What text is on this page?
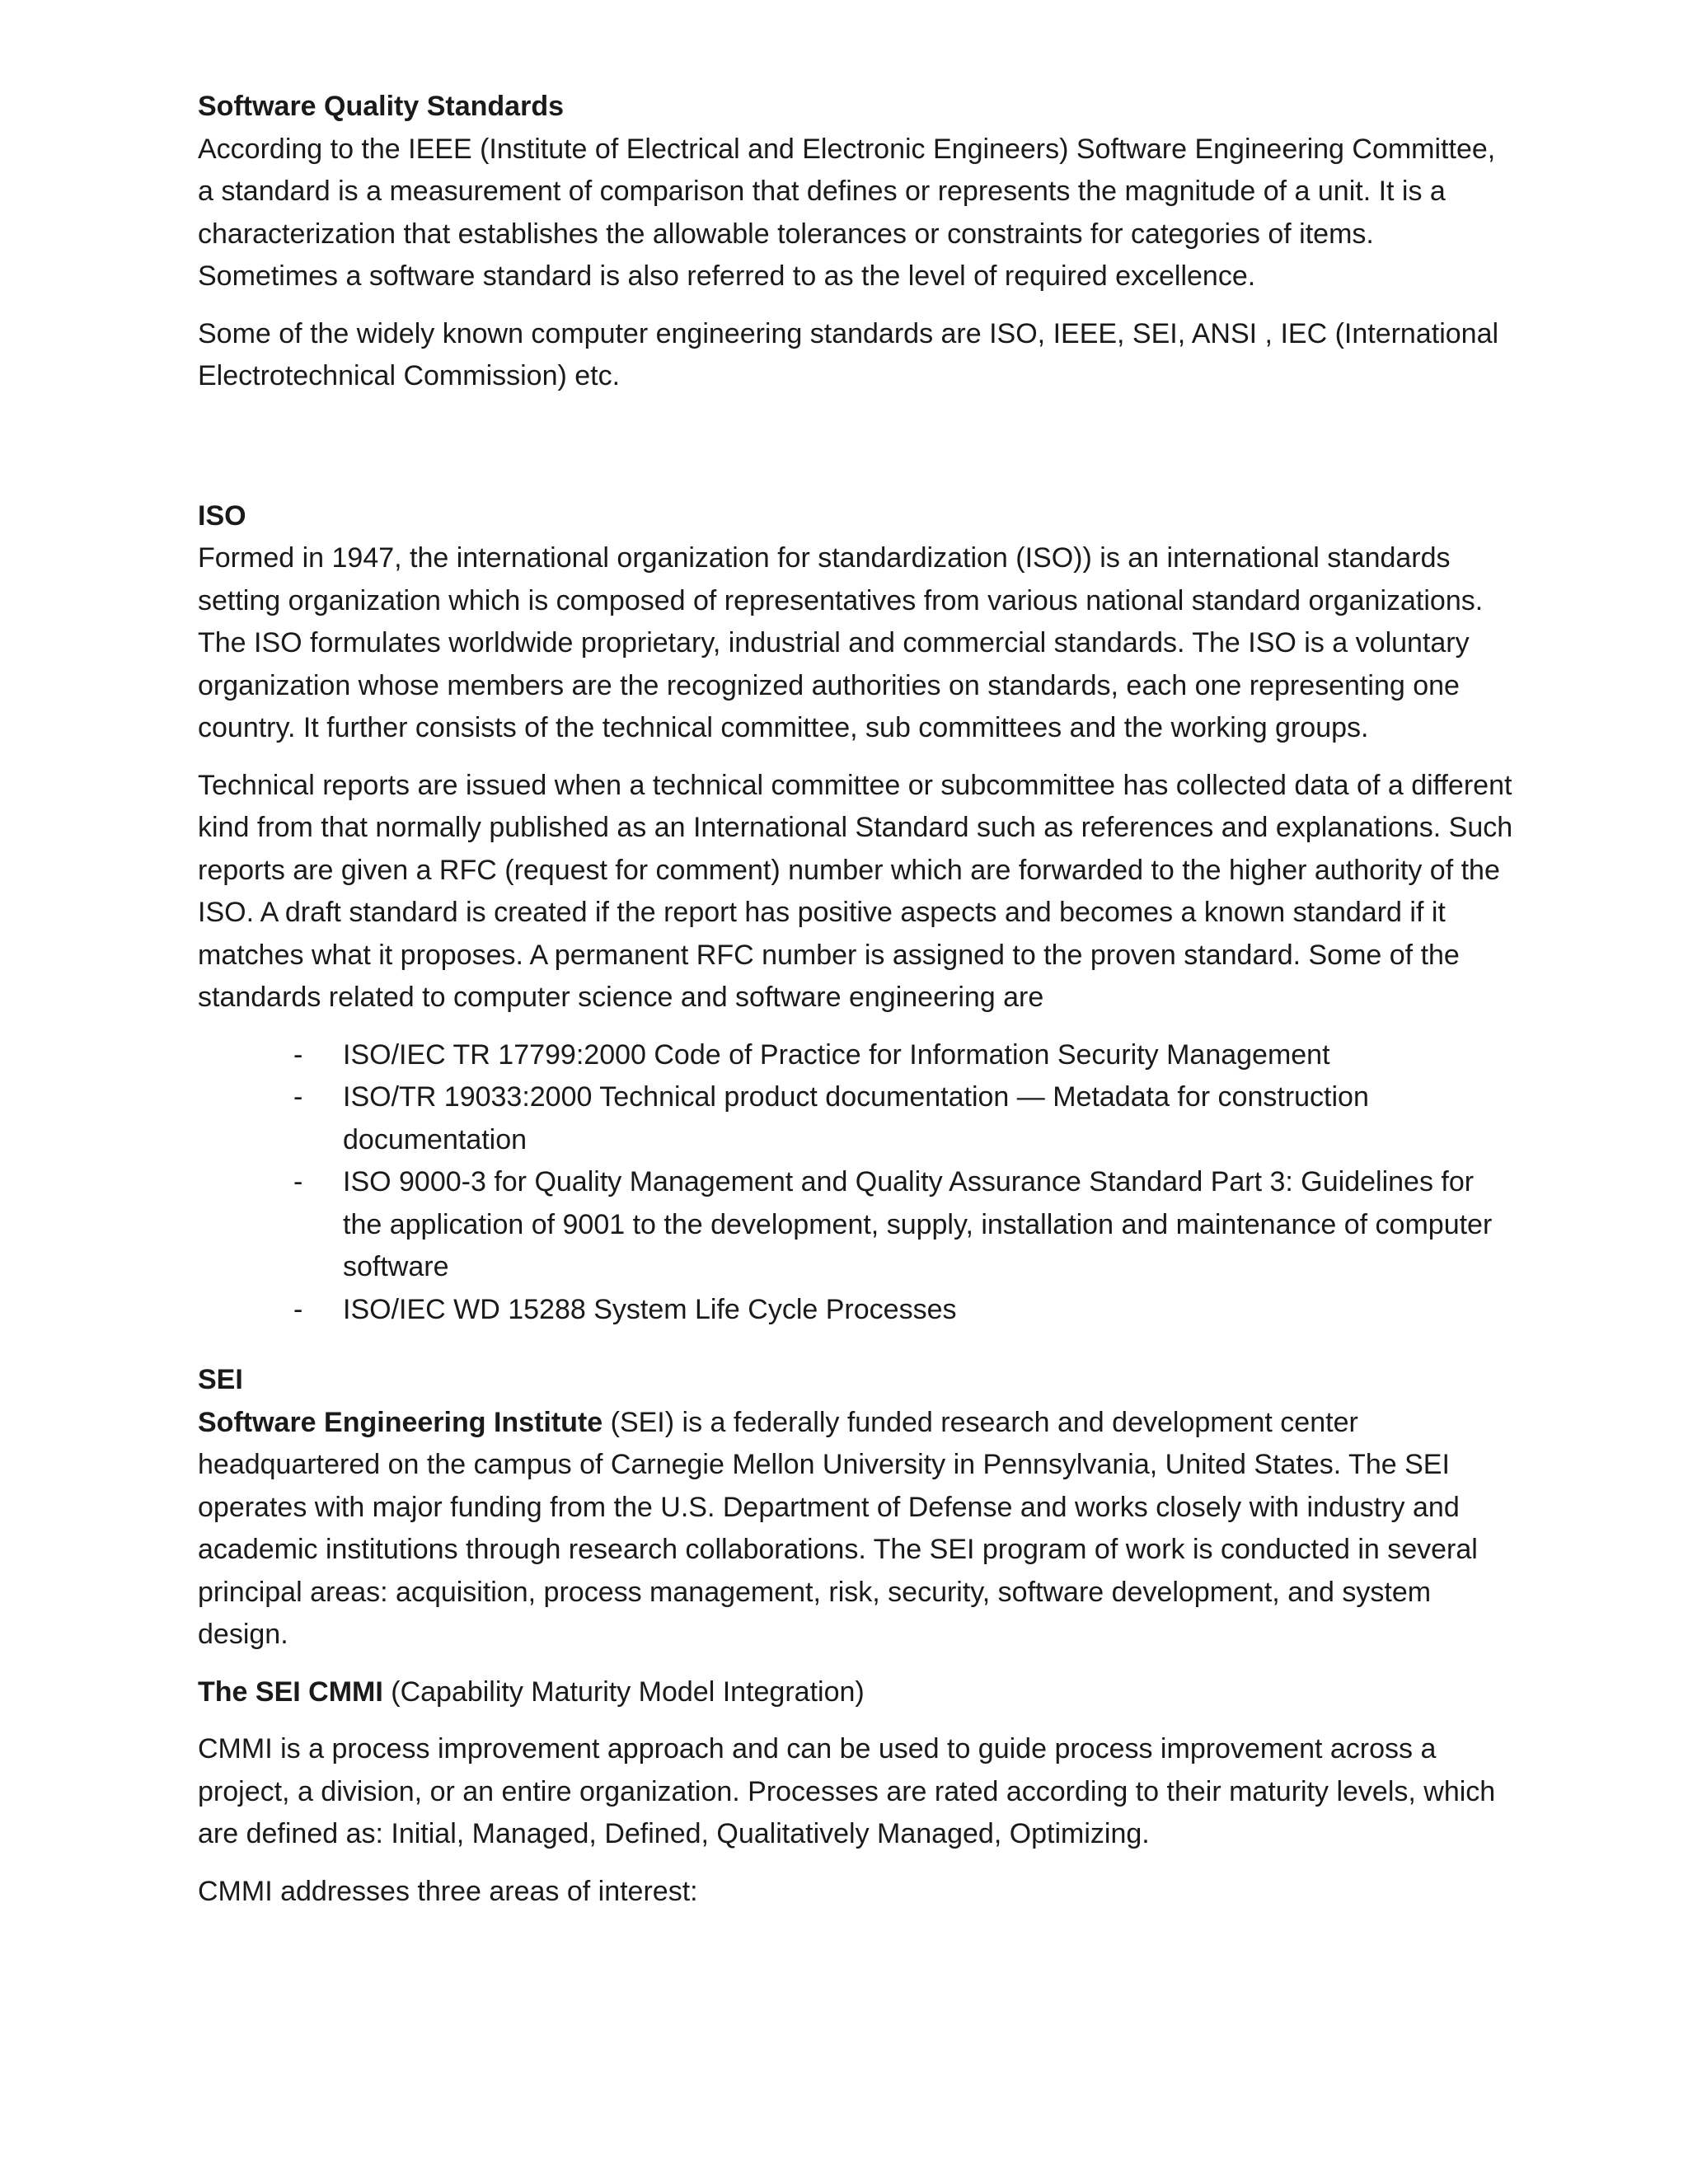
Software Quality Standards

According to the IEEE (Institute of Electrical and Electronic Engineers) Software Engineering Committee, a standard is a measurement of comparison that defines or represents the magnitude of a unit. It is a characterization that establishes the allowable tolerances or constraints for categories of items. Sometimes a software standard is also referred to as the level of required excellence.

Some of the widely known computer engineering standards are ISO, IEEE, SEI, ANSI , IEC (International Electrotechnical Commission) etc.

ISO

Formed in 1947, the international organization for standardization (ISO)) is an international standards setting organization which is composed of representatives from various national standard organizations. The ISO formulates worldwide proprietary, industrial and commercial standards. The ISO is a voluntary organization whose members are the recognized authorities on standards, each one representing one country. It further consists of the technical committee, sub committees and the working groups.

Technical reports are issued when a technical committee or subcommittee has collected data of a different kind from that normally published as an International Standard such as references and explanations. Such reports are given a RFC (request for comment) number which are forwarded to the higher authority of the ISO. A draft standard is created if the report has positive aspects and becomes a known standard if it matches what it proposes. A permanent RFC number is assigned to the proven standard. Some of the standards related to computer science and software engineering are

- ISO/IEC TR 17799:2000 Code of Practice for Information Security Management
- ISO/TR 19033:2000 Technical product documentation — Metadata for construction documentation
- ISO 9000-3 for Quality Management and Quality Assurance Standard Part 3: Guidelines for the application of 9001 to the development, supply, installation and maintenance of computer software
- ISO/IEC WD 15288 System Life Cycle Processes

SEI

Software Engineering Institute (SEI) is a federally funded research and development center headquartered on the campus of Carnegie Mellon University in Pennsylvania, United States. The SEI operates with major funding from the U.S. Department of Defense and works closely with industry and academic institutions through research collaborations. The SEI program of work is conducted in several principal areas: acquisition, process management, risk, security, software development, and system design.

The SEI CMMI (Capability Maturity Model Integration)

CMMI is a process improvement approach and can be used to guide process improvement across a project, a division, or an entire organization. Processes are rated according to their maturity levels, which are defined as: Initial, Managed, Defined, Qualitatively Managed, Optimizing.

CMMI addresses three areas of interest:
